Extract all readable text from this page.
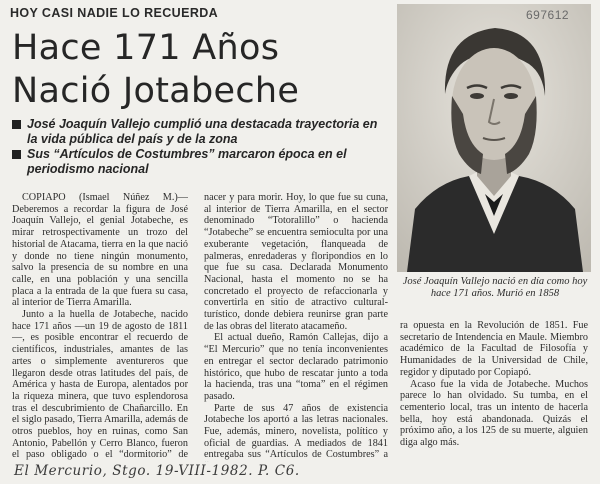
HOY CASI NADIE LO RECUERDA
Hace 171 Años
Nació Jotabeche
José Joaquín Vallejo cumplió una destacada trayectoria en la vida pública del país y de la zona
Sus “Artículos de Costumbres” marcaron época en el periodismo nacional

COPIAPO (Ismael Núñez M.)— Deberemos a recordar la figura de José Joaquín Vallejo, el genial Jotabeche, es mirar retrospectivamente un trozo del historial de Atacama, tierra en la que nació y donde no tiene ningún monumento, salvo la presencia de su nombre en una calle, en una población y una sencilla placa a la entrada de la que fuera su casa, al interior de Tierra Amarilla.

Junto a la huella de Jotabeche, nacido hace 171 años —un 19 de agosto de 1811—, es posible encontrar el recuerdo de científicos, industriales, amantes de las artes o simplemente aventureros que llegaron desde otras latitudes del país, de América y hasta de Europa, alentados por la riqueza minera, que tuvo esplendorosa tras el descubrimiento de Chañarcillo. En el siglo pasado, Tierra Amarilla, además de otros pueblos, hoy en ruinas, como San Antonio, Pabellón y Cerro Blanco, fueron el paso obligado o el “dormitorio” de

nacer y para morir. Hoy, lo que fue su cuna, al interior de Tierra Amarilla, en el sector denominado “Totoralillo” o hacienda “Jotabeche” se encuentra semioculta por una exuberante vegetación, flanqueada de palmeras, enredaderas y floripondios en lo que fue su casa. Declarada Monumento Nacional, hasta el momento no se ha concretado el proyecto de refaccionarla y convertirla en sitio de atractivo cultural-turístico, donde debiera reunirse gran parte de las obras del literato atacameño.

El actual dueño, Ramón Callejas, dijo a “El Mercurio” que no tenía inconvenientes en entregar el sector declarado patrimonio histórico, que hubo de rescatar junto a toda la hacienda, tras una “toma” en el régimen pasado.

Parte de sus 47 años de existencia Jotabeche los aportó a las letras nacionales. Fue, además, minero, novelista, político y oficial de guardias. A mediados de 1841 entregaba sus “Artículos de Costumbres” a

697612
José Joaquín Vallejo nació en día como hoy hace 171 años. Murió en 1858

ra opuesta en la Revolución de 1851. Fue secretario de Intendencia en Maule. Miembro académico de la Facultad de Filosofía y Humanidades de la Universidad de Chile, regidor y diputado por Copiapó.

Acaso fue la vida de Jotabeche. Muchos parece lo han olvidado. Su tumba, en el cementerio local, tras un intento de hacerla bella, hoy está abandonada. Quizás el próximo año, a los 125 de su muerte, alguien diga algo más.

El Mercurio, Stgo. 19-VIII-1982. P. C6.
